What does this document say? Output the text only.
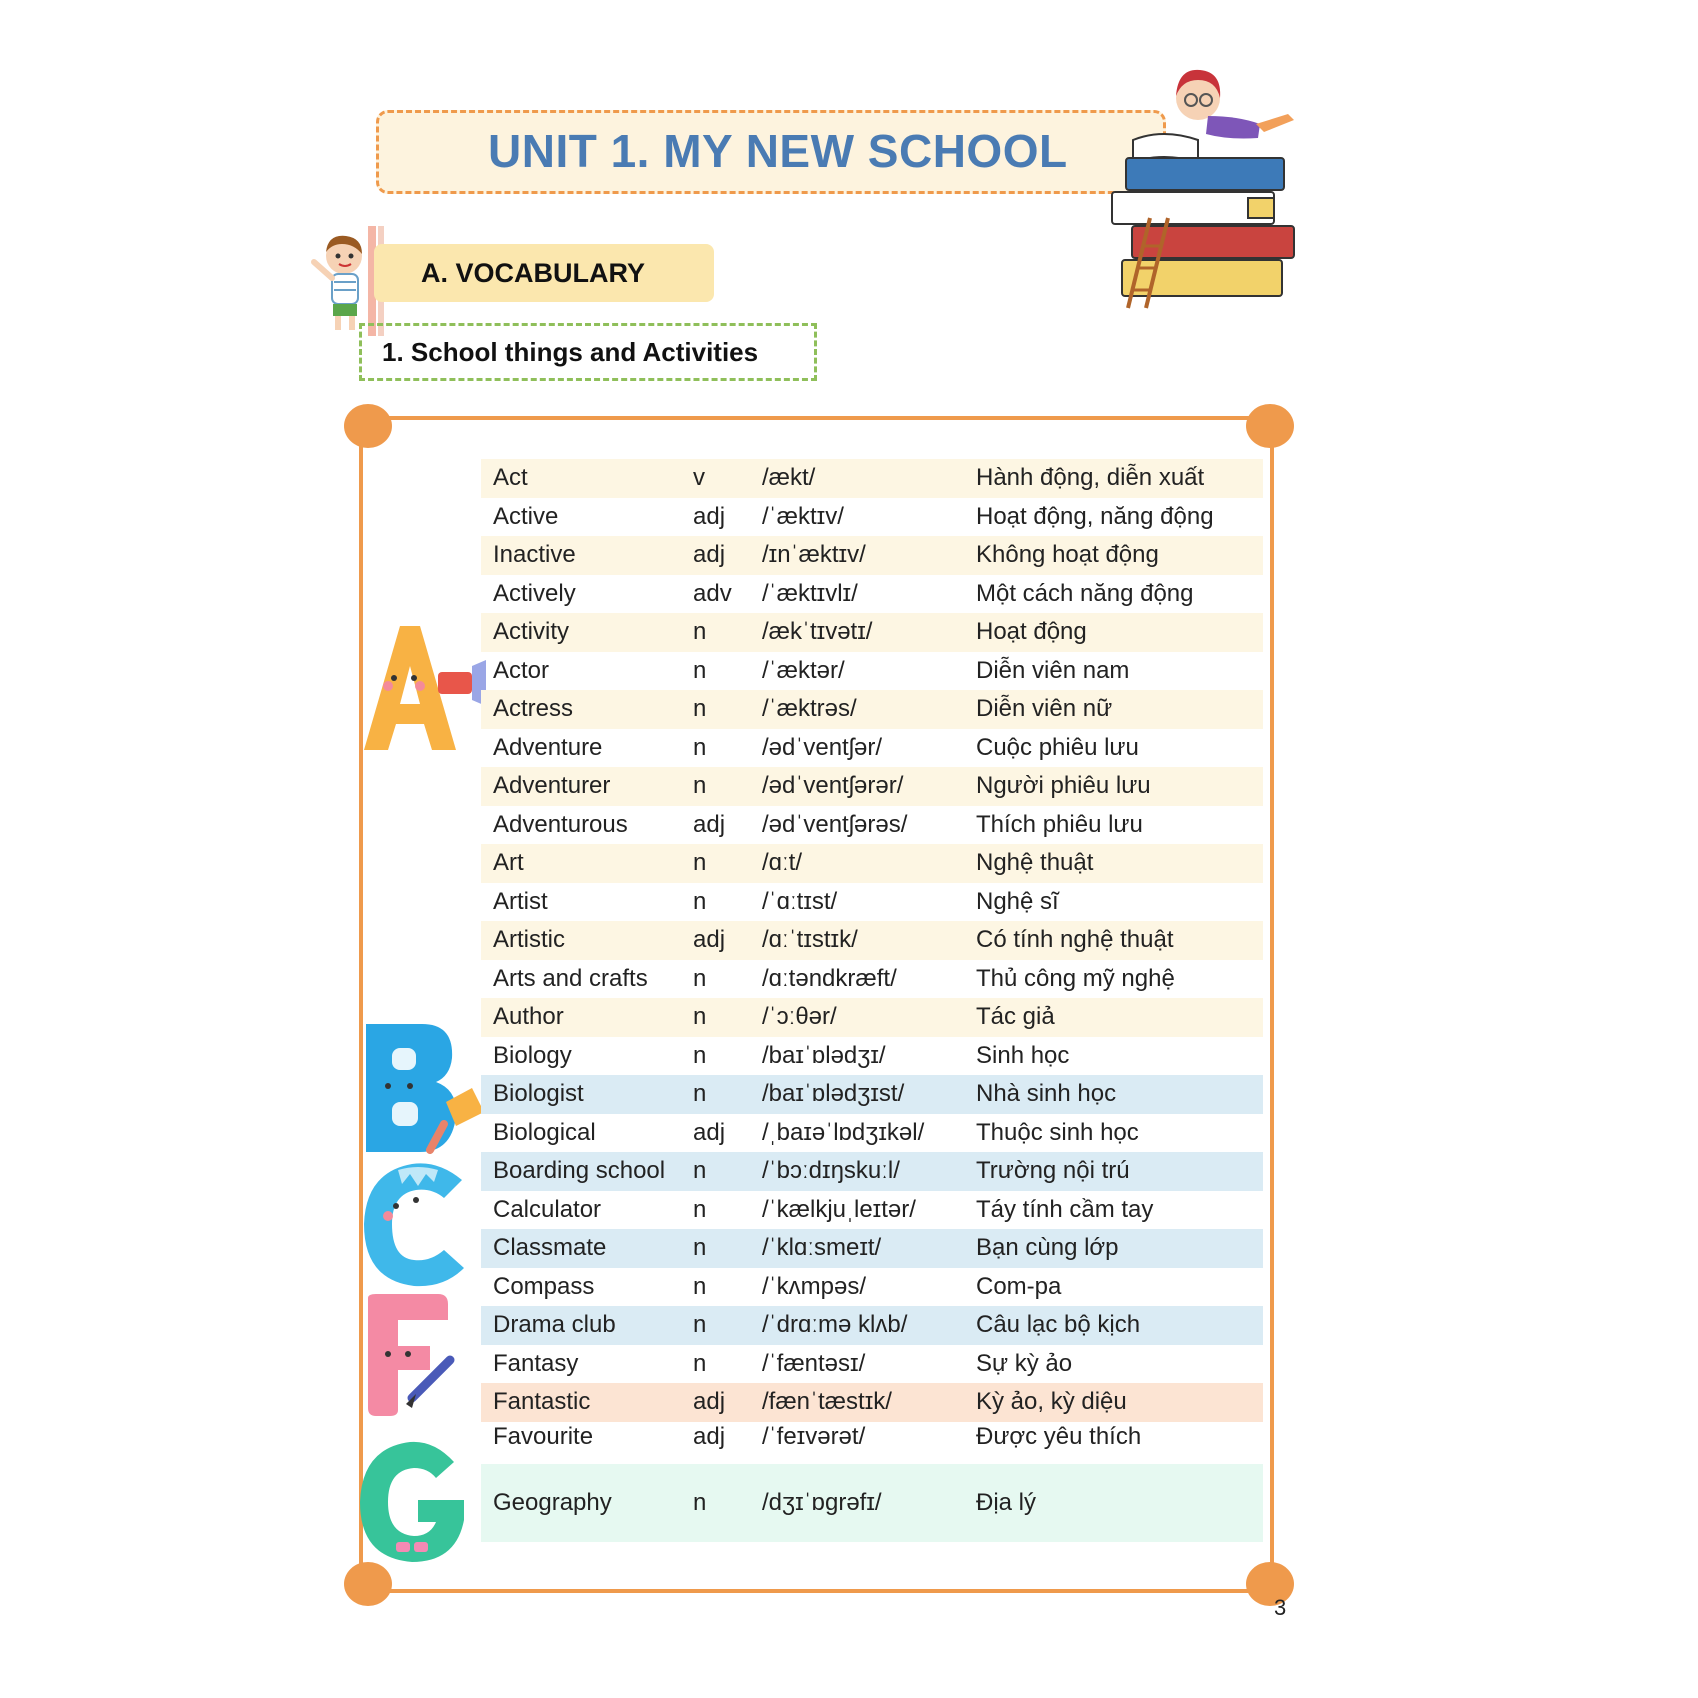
UNIT 1. MY NEW SCHOOL
A. VOCABULARY
1. School things and Activities
Act	v	/ækt/	Hành động, diễn xuất
Active	adj	/ˈæktɪv/	Hoạt động, năng động
Inactive	adj	/ɪnˈæktɪv/	Không hoạt động
Actively	adv	/ˈæktɪvlɪ/	Một cách năng động
Activity	n	/ækˈtɪvətɪ/	Hoạt động
Actor	n	/ˈæktər/	Diễn viên nam
Actress	n	/ˈæktrəs/	Diễn viên nữ
Adventure	n	/ədˈventʃər/	Cuộc phiêu lưu
Adventurer	n	/ədˈventʃərər/	Người phiêu lưu
Adventurous	adj	/ədˈventʃərəs/	Thích phiêu lưu
Art	n	/ɑːt/	Nghệ thuật
Artist	n	/ˈɑːtɪst/	Nghệ sĩ
Artistic	adj	/ɑːˈtɪstɪk/	Có tính nghệ thuật
Arts and crafts	n	/ɑːtəndkræft/	Thủ công mỹ nghệ
Author	n	/ˈɔːθər/	Tác giả
Biology	n	/baɪˈɒlədʒɪ/	Sinh học
Biologist	n	/baɪˈɒlədʒɪst/	Nhà sinh học
Biological	adj	/ˌbaɪəˈlɒdʒɪkəl/	Thuộc sinh học
Boarding school	n	/ˈbɔːdɪŋskuːl/	Trường nội trú
Calculator	n	/ˈkælkjuˌleɪtər/	Táy tính cầm tay
Classmate	n	/ˈklɑːsmeɪt/	Bạn cùng lớp
Compass	n	/ˈkʌmpəs/	Com-pa
Drama club	n	/ˈdrɑːmə klʌb/	Câu lạc bộ kịch
Fantasy	n	/ˈfæntəsɪ/	Sự kỳ ảo
Fantastic	adj	/fænˈtæstɪk/	Kỳ ảo, kỳ diệu
Favourite	adj	/ˈfeɪvərət/	Được yêu thích
Geography	n	/dʒɪˈɒgrəfɪ/	Địa lý
3
